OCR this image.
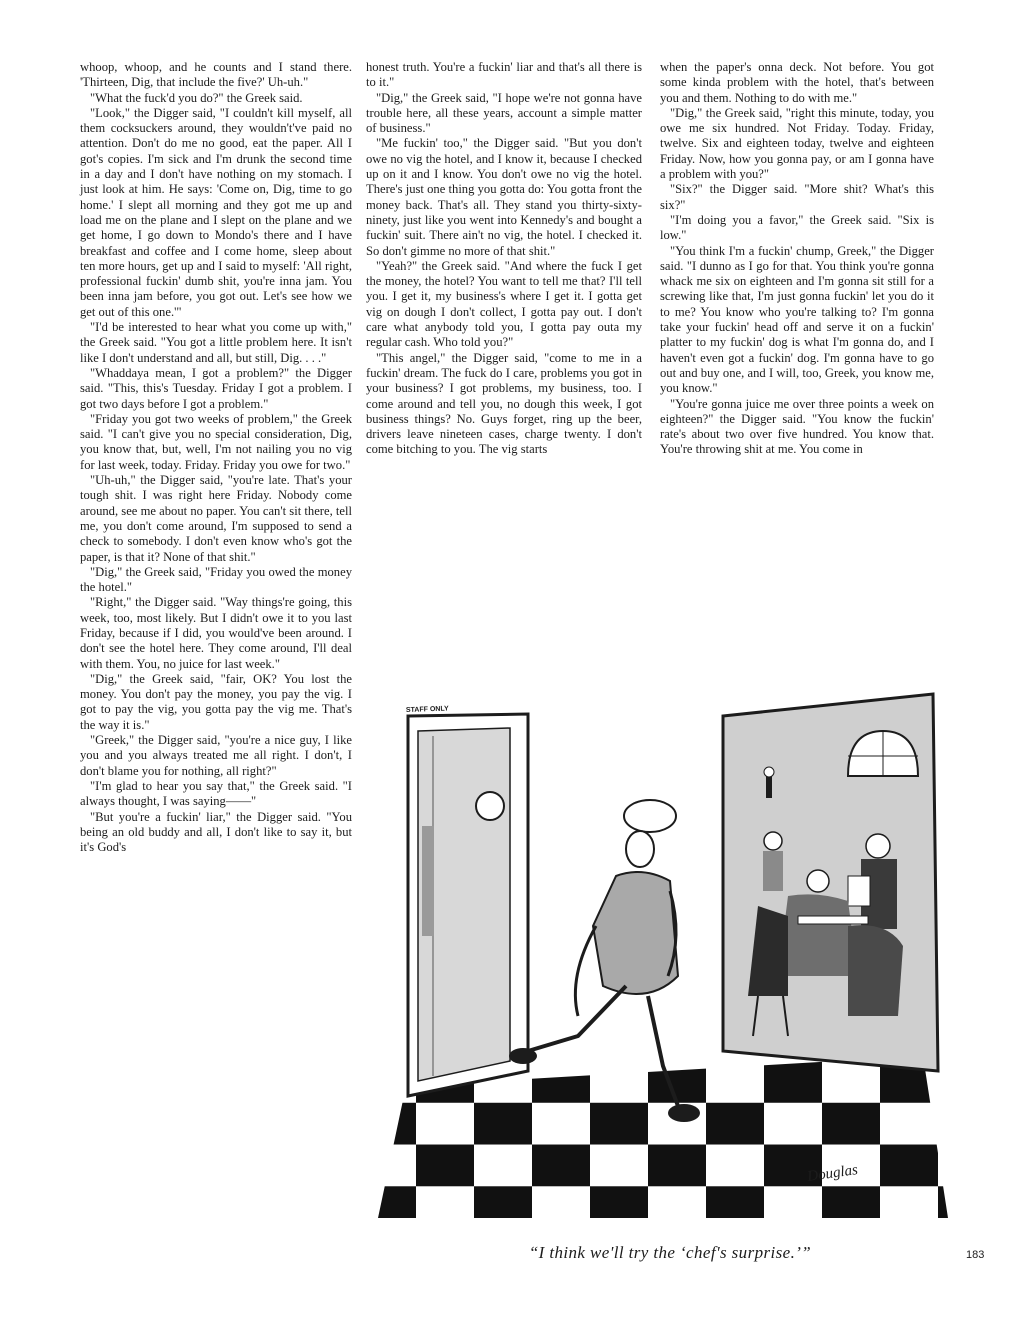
whoop, whoop, and he counts and I stand there. 'Thirteen, Dig, that include the five?' Uh-uh."

"What the fuck'd you do?" the Greek said.

"Look," the Digger said, "I couldn't kill myself, all them cocksuckers around, they wouldn't've paid no attention. Don't do me no good, eat the paper. All I got's copies. I'm sick and I'm drunk the second time in a day and I don't have nothing on my stomach. I just look at him. He says: 'Come on, Dig, time to go home.' I slept all morning and they got me up and load me on the plane and I slept on the plane and we get home, I go down to Mondo's there and I have breakfast and coffee and I come home, sleep about ten more hours, get up and I said to myself: 'All right, professional fuckin' dumb shit, you're inna jam. You been inna jam before, you got out. Let's see how we get out of this one.'"

"I'd be interested to hear what you come up with," the Greek said. "You got a little problem here. It isn't like I don't understand and all, but still, Dig. . . ."

"Whaddaya mean, I got a problem?" the Digger said. "This, this's Tuesday. Friday I got a problem. I got two days before I got a problem."

"Friday you got two weeks of problem," the Greek said. "I can't give you no special consideration, Dig, you know that, but, well, I'm not nailing you no vig for last week, today. Friday. Friday you owe for two."

"Uh-uh," the Digger said, "you're late. That's your tough shit. I was right here Friday. Nobody come around, see me about no paper. You can't sit there, tell me, you don't come around, I'm supposed to send a check to somebody. I don't even know who's got the paper, is that it? None of that shit."

"Dig," the Greek said, "Friday you owed the money the hotel."

"Right," the Digger said. "Way things're going, this week, too, most likely. But I didn't owe it to you last Friday, because if I did, you would've been around. I don't see the hotel here. They come around, I'll deal with them. You, no juice for last week."

"Dig," the Greek said, "fair, OK? You lost the money. You don't pay the money, you pay the vig. I got to pay the vig, you gotta pay the vig me. That's the way it is."

"Greek," the Digger said, "you're a nice guy, I like you and you always treated me all right. I don't, I don't blame you for nothing, all right?"

"I'm glad to hear you say that," the Greek said. "I always thought, I was saying——"

"But you're a fuckin' liar," the Digger said. "You being an old buddy and all, I don't like to say it, but it's God's

honest truth. You're a fuckin' liar and that's all there is to it."

"Dig," the Greek said, "I hope we're not gonna have trouble here, all these years, account a simple matter of business."

"Me fuckin' too," the Digger said. "But you don't owe no vig the hotel, and I know it, because I checked up on it and I know. You don't owe no vig the hotel. There's just one thing you gotta do: You gotta front the money back. That's all. They stand you thirty-sixty-ninety, just like you went into Kennedy's and bought a fuckin' suit. There ain't no vig, the hotel. I checked it. So don't gimme no more of that shit."

"Yeah?" the Greek said. "And where the fuck I get the money, the hotel? You want to tell me that? I'll tell you. I get it, my business's where I get it. I gotta get vig on dough I don't collect, I gotta pay out. I don't care what anybody told you, I gotta pay outa my regular cash. Who told you?"

"This angel," the Digger said, "come to me in a fuckin' dream. The fuck do I care, problems you got in your business? I got problems, my business, too. I come around and tell you, no dough this week, I got business things? No. Guys forget, ring up the beer, drivers leave nineteen cases, charge twenty. I don't come bitching to you. The vig starts

when the paper's onna deck. Not before. You got some kinda problem with the hotel, that's between you and them. Nothing to do with me."

"Dig," the Greek said, "right this minute, today, you owe me six hundred. Not Friday. Today. Friday, twelve. Six and eighteen today, twelve and eighteen Friday. Now, how you gonna pay, or am I gonna have a problem with you?"

"Six?" the Digger said. "More shit? What's this six?"

"I'm doing you a favor," the Greek said. "Six is low."

"You think I'm a fuckin' chump, Greek," the Digger said. "I dunno as I go for that. You think you're gonna whack me six on eighteen and I'm gonna sit still for a screwing like that, I'm just gonna fuckin' let you do it to me? You know who you're talking to? I'm gonna take your fuckin' head off and serve it on a fuckin' platter to my fuckin' dog is what I'm gonna do, and I haven't even got a fuckin' dog. I'm gonna have to go out and buy one, and I will, too, Greek, you know me, you know."

"You're gonna juice me over three points a week on eighteen?" the Digger said. "You know the fuckin' rate's about two over five hundred. You know that. You're throwing shit at me. You come in

STAFF ONLY
Douglas
“I think we'll try the ‘chef's surprise.’”	183
